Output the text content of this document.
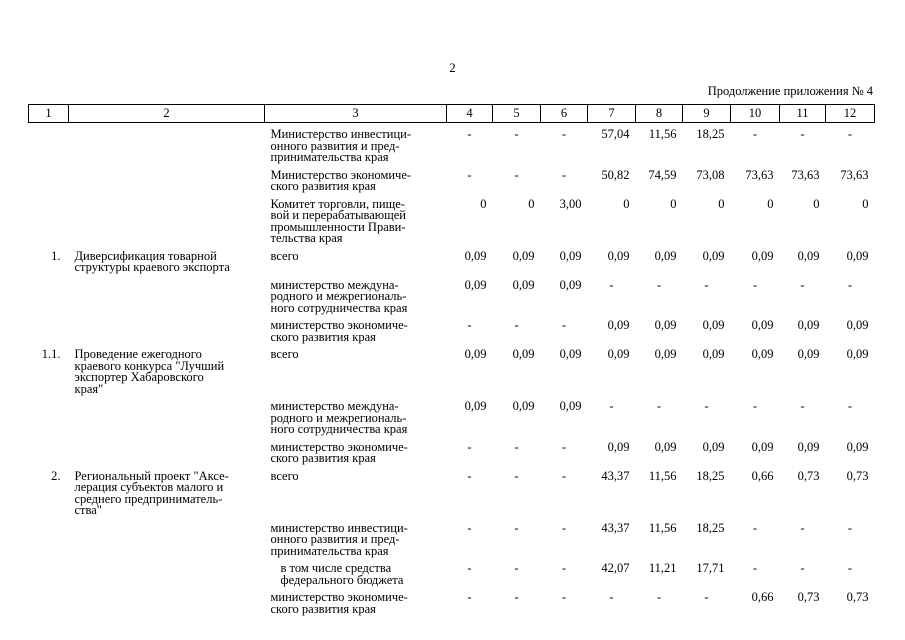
2
Продолжение приложения № 4
1	2	3	4	5	6	7	8	9	10	11	12

		Министерство инвестици-
онного развития и пред-
принимательства края	-	-	-	57,04	11,56	18,25	-	-	-

		Министерство экономиче-
ского развития края	-	-	-	50,82	74,59	73,08	73,63	73,63	73,63

		Комитет торговли, пище-
вой и перерабатывающей
промышленности Прави-
тельства края	0	0	3,00	0	0	0	0	0	0

1.	Диверсификация товарной
структуры краевого экспорта	всего	0,09	0,09	0,09	0,09	0,09	0,09	0,09	0,09	0,09

		министерство междуна-
родного и межрегиональ-
ного сотрудничества края	0,09	0,09	0,09	-	-	-	-	-	-

		министерство экономиче-
ского развития края	-	-	-	0,09	0,09	0,09	0,09	0,09	0,09

1.1.	Проведение ежегодного
краевого конкурса "Лучший
экспортер Хабаровского
края"	всего	0,09	0,09	0,09	0,09	0,09	0,09	0,09	0,09	0,09

		министерство междуна-
родного и межрегиональ-
ного сотрудничества края	0,09	0,09	0,09	-	-	-	-	-	-

		министерство экономиче-
ского развития края	-	-	-	0,09	0,09	0,09	0,09	0,09	0,09

2.	Региональный проект "Аксе-
лерация субъектов малого и
среднего предприниматель-
ства"	всего	-	-	-	43,37	11,56	18,25	0,66	0,73	0,73

		министерство инвестици-
онного развития и пред-
принимательства края	-	-	-	43,37	11,56	18,25	-	-	-

		в том числе средства
федерального бюджета	-	-	-	42,07	11,21	17,71	-	-	-

		министерство экономиче-
ского развития края	-	-	-	-	-	-	0,66	0,73	0,73
